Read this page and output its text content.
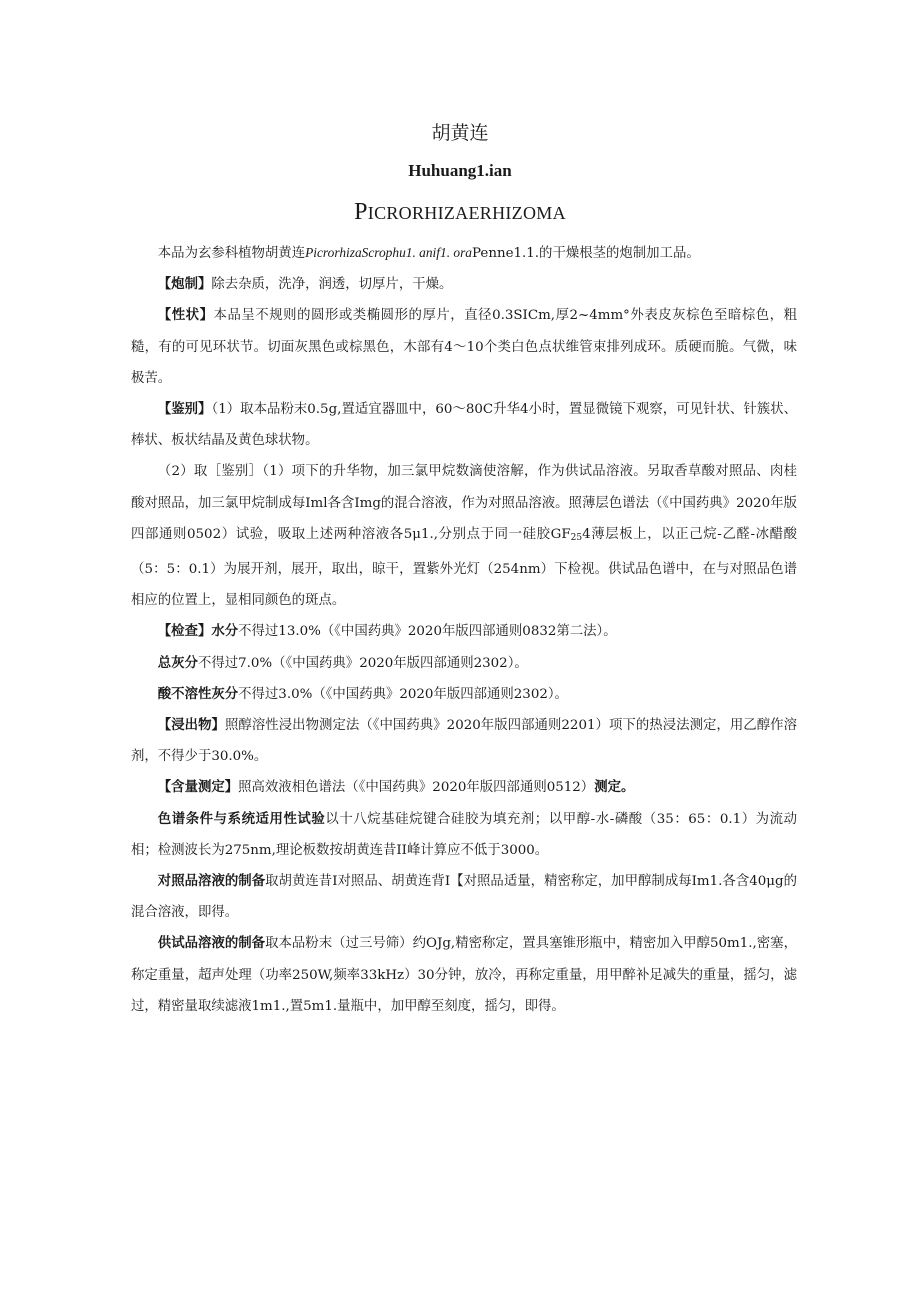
胡黄连
Huhuang1.ian
PICRORHIZAERHIZOMA

本品为玄参科植物胡黄连PicrorhizaScrophu1. anif1. oraPenne1.1.的干燥根茎的炮制加工品。

【炮制】除去杂质，洗净，润透，切厚片，干燥。

【性状】本品呈不规则的圆形或类椭圆形的厚片，直径0.3SICm,厚2~4mm°外表皮灰棕色至暗棕色，粗糙，有的可见环状节。切面灰黑色或棕黑色，木部有4～10个类白色点状维管束排列成环。质硬而脆。气微，味极苦。

【鉴别】（1）取本品粉末0.5g,置适宜器皿中，60～80C升华4小时，置显微镜下观察，可见针状、针簇状、棒状、板状结晶及黄色球状物。

（2）取［鉴别］（1）项下的升华物，加三氯甲烷数滴使溶解，作为供试品溶液。另取香草酸对照品、肉桂酸对照品，加三氯甲烷制成每Iml各含Img的混合溶液，作为对照品溶液。照薄层色谱法（《中国药典》2020年版四部通则0502）试验，吸取上述两种溶液各5μ1.,分别点于同一硅胶$GF_{25}4$薄层板上，以正己烷-乙醛-冰醋酸（5：5：0.1）为展开剂，展开，取出，晾干，置紫外光灯（254nm）下检视。供试品色谱中，在与对照品色谱相应的位置上，显相同颜色的斑点。

【检查】水分不得过13.0%（《中国药典》2020年版四部通则0832第二法）。

总灰分不得过7.0%（《中国药典》2020年版四部通则2302）。

酸不溶性灰分不得过3.0%（《中国药典》2020年版四部通则2302）。

【浸出物】照醇溶性浸出物测定法（《中国药典》2020年版四部通则2201）项下的热浸法测定，用乙醇作溶剂，不得少于30.0%。

【含量测定】照高效液相色谱法（《中国药典》2020年版四部通则0512）测定。

色谱条件与系统适用性试验以十八烷基硅烷键合硅胶为填充剂；以甲醇-水-磷酸（35：65：0.1）为流动相；检测波长为275nm,理论板数按胡黄连昔II峰计算应不低于3000。

对照品溶液的制备取胡黄连昔I对照品、胡黄连背I【对照品适量，精密称定，加甲醇制成每Im1.各含40μg的混合溶液，即得。

供试品溶液的制备取本品粉末（过三号筛）约OJg,精密称定，置具塞锥形瓶中，精密加入甲醇50m1.,密塞，称定重量，超声处理（功率250W,频率33kHz）30分钟，放冷，再称定重量，用甲醉补足减失的重量，摇匀，滤过，精密量取续滤液1m1.,置5m1.量瓶中，加甲醇至刻度，摇匀，即得。
